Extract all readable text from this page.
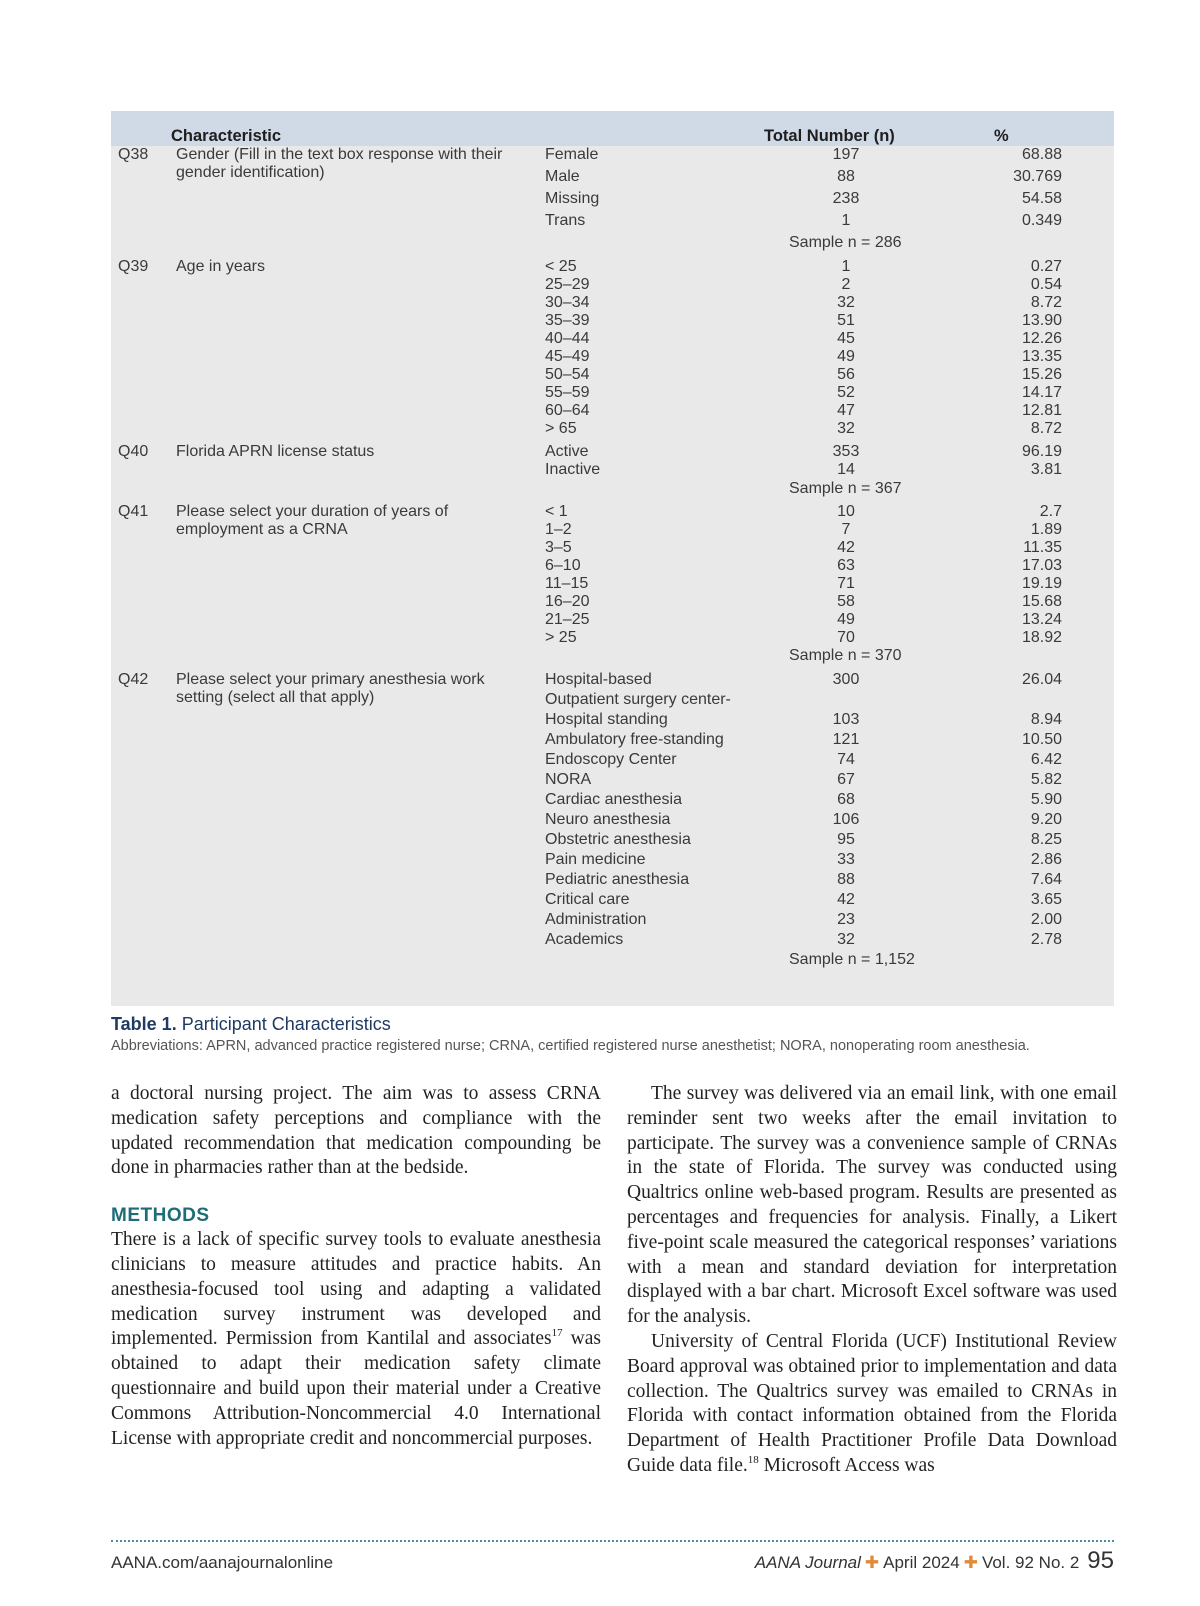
Characteristic	Total Number (n)	%
Q38 Gender (Fill in the text box response with their
gender identification)
Female	197	68.88
Male	88	30.769
Missing	238	54.58
Trans	1	0.349
Sample n = 286
Q39 Age in years	< 25	1	0.27
25–29	2	0.54
30–34	32	8.72
35–39	51	13.90
40–44	45	12.26
45–49	49	13.35
50–54	56	15.26
55–59	52	14.17
60–64	47	12.81
> 65	32	8.72
Q40 Florida APRN license status	Active	353	96.19
Inactive	14	3.81
Sample n = 367
Q41 Please select your duration of years of
employment as a CRNA
< 1	10	2.7
1–2	7	1.89
3–5	42	11.35
6–10	63	17.03
11–15	71	19.19
16–20	58	15.68
21–25	49	13.24
> 25	70	18.92
Sample n = 370
Q42 Please select your primary anesthesia work
setting (select all that apply)
Hospital-based	300	26.04
Outpatient surgery center-
Hospital standing	103	8.94
Ambulatory free-standing	121	10.50
Endoscopy Center	74	6.42
NORA	67	5.82
Cardiac anesthesia	68	5.90
Neuro anesthesia	106	9.20
Obstetric anesthesia	95	8.25
Pain medicine	33	2.86
Pediatric anesthesia	88	7.64
Critical care	42	3.65
Administration	23	2.00
Academics	32	2.78
Sample n = 1,152
Table 1. Participant Characteristics
Abbreviations: APRN, advanced practice registered nurse; CRNA, certified registered nurse anesthetist; NORA, nonoperating room anesthesia.

a doctoral nursing project. The aim was to assess CRNA medication safety perceptions and compliance with the updated recommendation that medication compounding be done in pharmacies rather than at the bedside.

METHODS

There is a lack of specific survey tools to evaluate anesthesia clinicians to measure attitudes and practice habits. An anesthesia-focused tool using and adapting a validated medication survey instrument was developed and implemented. Permission from Kantilal and associates$^{17}$ was obtained to adapt their medication safety climate questionnaire and build upon their material under a Creative Commons Attribution-Noncommercial 4.0 International License with appropriate credit and noncommercial purposes.

The survey was delivered via an email link, with one email reminder sent two weeks after the email invitation to participate. The survey was a convenience sample of CRNAs in the state of Florida. The survey was conducted using Qualtrics online web-based program. Results are presented as percentages and frequencies for analysis. Finally, a Likert five-point scale measured the categorical responses’ variations with a mean and standard deviation for interpretation displayed with a bar chart. Microsoft Excel software was used for the analysis.

University of Central Florida (UCF) Institutional Review Board approval was obtained prior to implementation and data collection. The Qualtrics survey was emailed to CRNAs in Florida with contact information obtained from the Florida Department of Health Practitioner Profile Data Download Guide data file.$^{18}$ Microsoft Access was

AANA.com/aanajournalonline	AANA Journal ✚ April 2024 ✚ Vol. 92 No. 2 95
